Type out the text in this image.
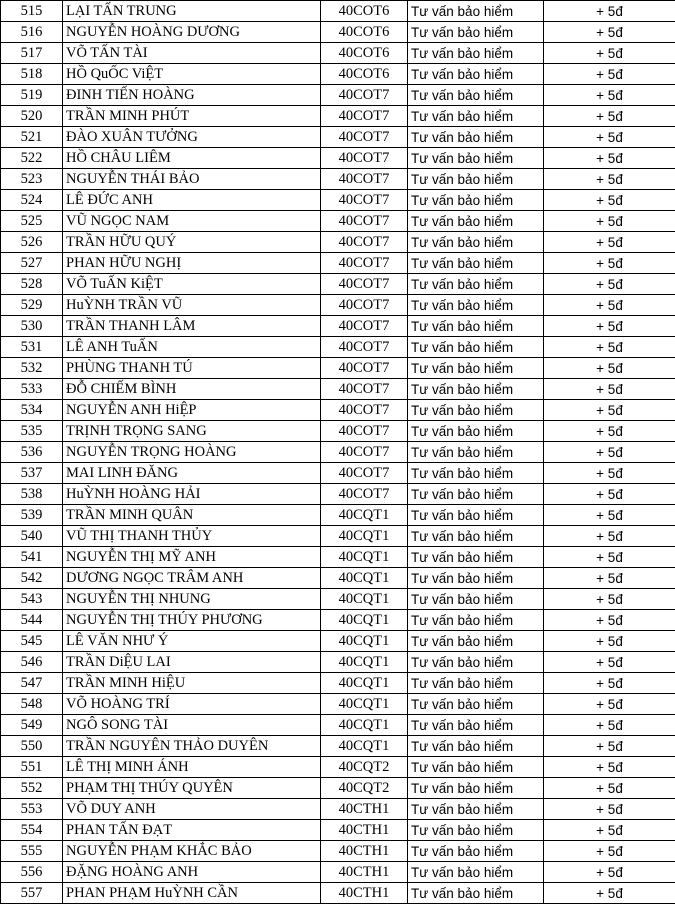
515	LẠI TẤN TRUNG	40COT6	Tư vấn bảo hiểm	+ 5đ
516	NGUYỄN HOÀNG DƯƠNG	40COT6	Tư vấn bảo hiểm	+ 5đ
517	VÕ TẤN TÀI	40COT6	Tư vấn bảo hiểm	+ 5đ
518	HỒ QuỐC ViỆT	40COT6	Tư vấn bảo hiểm	+ 5đ
519	ĐINH TIẾN HOÀNG	40COT7	Tư vấn bảo hiểm	+ 5đ
520	TRẦN MINH PHÚT	40COT7	Tư vấn bảo hiểm	+ 5đ
521	ĐÀO XUÂN TƯỞNG	40COT7	Tư vấn bảo hiểm	+ 5đ
522	HỒ CHÂU LIÊM	40COT7	Tư vấn bảo hiểm	+ 5đ
523	NGUYỄN THÁI BẢO	40COT7	Tư vấn bảo hiểm	+ 5đ
524	LÊ ĐỨC ANH	40COT7	Tư vấn bảo hiểm	+ 5đ
525	VŨ NGỌC NAM	40COT7	Tư vấn bảo hiểm	+ 5đ
526	TRẦN HỮU QUÝ	40COT7	Tư vấn bảo hiểm	+ 5đ
527	PHAN HỮU NGHỊ	40COT7	Tư vấn bảo hiểm	+ 5đ
528	VÕ TuẤN KiỆT	40COT7	Tư vấn bảo hiểm	+ 5đ
529	HuỲNH TRẦN VŨ	40COT7	Tư vấn bảo hiểm	+ 5đ
530	TRẦN THANH LÂM	40COT7	Tư vấn bảo hiểm	+ 5đ
531	LÊ ANH TuẤN	40COT7	Tư vấn bảo hiểm	+ 5đ
532	PHÙNG THANH TÚ	40COT7	Tư vấn bảo hiểm	+ 5đ
533	ĐỖ CHIẾM BÌNH	40COT7	Tư vấn bảo hiểm	+ 5đ
534	NGUYỄN ANH HiỆP	40COT7	Tư vấn bảo hiểm	+ 5đ
535	TRỊNH TRỌNG SANG	40COT7	Tư vấn bảo hiểm	+ 5đ
536	NGUYỄN TRỌNG HOÀNG	40COT7	Tư vấn bảo hiểm	+ 5đ
537	MAI LINH ĐĂNG	40COT7	Tư vấn bảo hiểm	+ 5đ
538	HuỲNH HOÀNG HẢI	40COT7	Tư vấn bảo hiểm	+ 5đ
539	TRẦN MINH QUÂN	40CQT1	Tư vấn bảo hiểm	+ 5đ
540	VŨ THỊ THANH THỦY	40CQT1	Tư vấn bảo hiểm	+ 5đ
541	NGUYỄN THỊ MỸ ANH	40CQT1	Tư vấn bảo hiểm	+ 5đ
542	DƯƠNG NGỌC TRÂM ANH	40CQT1	Tư vấn bảo hiểm	+ 5đ
543	NGUYỄN THỊ NHUNG	40CQT1	Tư vấn bảo hiểm	+ 5đ
544	NGUYỄN THỊ THÚY PHƯƠNG	40CQT1	Tư vấn bảo hiểm	+ 5đ
545	LÊ VĂN NHƯ Ý	40CQT1	Tư vấn bảo hiểm	+ 5đ
546	TRẦN DiỆU LAI	40CQT1	Tư vấn bảo hiểm	+ 5đ
547	TRẦN MINH HiỆU	40CQT1	Tư vấn bảo hiểm	+ 5đ
548	VÕ HOÀNG TRÍ	40CQT1	Tư vấn bảo hiểm	+ 5đ
549	NGÔ SONG TÀI	40CQT1	Tư vấn bảo hiểm	+ 5đ
550	TRẦN NGUYÊN THẢO DUYÊN	40CQT1	Tư vấn bảo hiểm	+ 5đ
551	LÊ THỊ MINH ÁNH	40CQT2	Tư vấn bảo hiểm	+ 5đ
552	PHẠM THỊ THÚY QUYÊN	40CQT2	Tư vấn bảo hiểm	+ 5đ
553	VÕ DUY ANH	40CTH1	Tư vấn bảo hiểm	+ 5đ
554	PHAN TẤN ĐẠT	40CTH1	Tư vấn bảo hiểm	+ 5đ
555	NGUYỄN PHẠM KHẮC BẢO	40CTH1	Tư vấn bảo hiểm	+ 5đ
556	ĐẶNG HOÀNG ANH	40CTH1	Tư vấn bảo hiểm	+ 5đ
557	PHAN PHẠM HuỲNH CẦN	40CTH1	Tư vấn bảo hiểm	+ 5đ
